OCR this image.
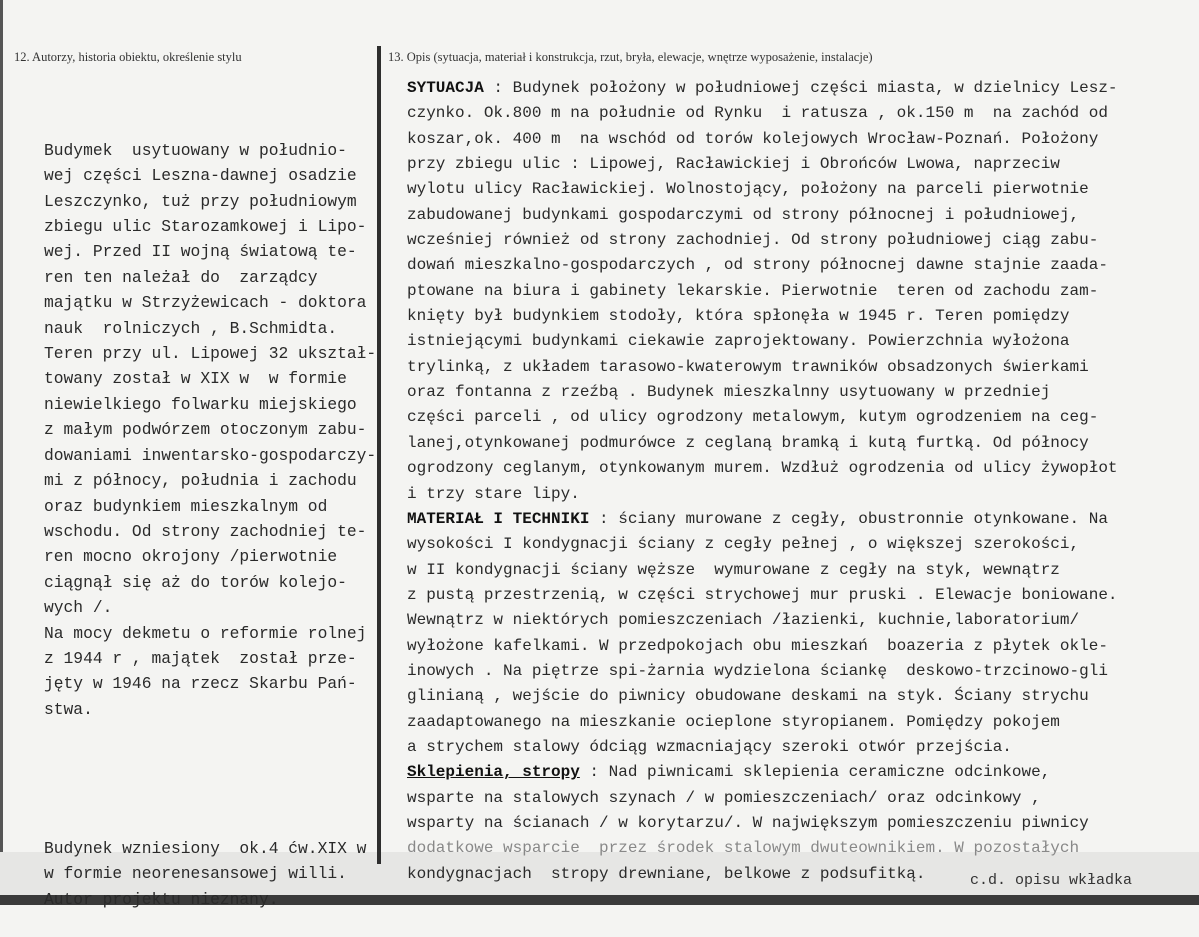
12. Autorzy, historia obiektu, określenie stylu	13. Opis (sytuacja, materiał i konstrukcja, rzut, bryła, elewacje, wnętrze wyposażenie, instalacje)

Budymek  usytuowany w południo-
wej części Leszna-dawnej osadzie
Leszczynko, tuż przy południowym
zbiegu ulic Starozamkowej i Lipo-
wej. Przed II wojną światową te-
ren ten należał do  zarządcy
majątku w Strzyżewicach - doktora
nauk  rolniczych , B.Schmidta.
Teren przy ul. Lipowej 32 ukształ-
towany został w XIX w  w formie
niewielkiego folwarku miejskiego
z małym podwórzem otoczonym zabu-
dowaniami inwentarsko-gospodarczy-
mi z północy, południa i zachodu
oraz budynkiem mieszkalnym od
wschodu. Od strony zachodniej te-
ren mocno okrojony /pierwotnie
ciągnął się aż do torów kolejo-
wych /.
Na mocy dekmetu o reformie rolnej
z 1944 r , majątek  został prze-
jęty w 1946 na rzecz Skarbu Pań-
stwa.

Budynek wzniesiony  ok.4 ćw.XIX w
w formie neorenesansowej willi.
Autor projektu nieznany.

SYTUACJA : Budynek położony w południowej części miasta, w dzielnicy Lesz-
czynko. Ok.800 m na południe od Rynku  i ratusza , ok.150 m  na zachód od
koszar,ok. 400 m  na wschód od torów kolejowych Wrocław-Poznań. Położony
przy zbiegu ulic : Lipowej, Racławickiej i Obrońców Lwowa, naprzeciw
wylotu ulicy Racławickiej. Wolnostojący, położony na parceli pierwotnie
zabudowanej budynkami gospodarczymi od strony północnej i południowej,
wcześniej również od strony zachodniej. Od strony południowej ciąg zabu-
dowań mieszkalno-gospodarczych , od strony północnej dawne stajnie zaada-
ptowane na biura i gabinety lekarskie. Pierwotnie  teren od zachodu zam-
knięty był budynkiem stodoły, która spłonęła w 1945 r. Teren pomiędzy
istniejącymi budynkami ciekawie zaprojektowany. Powierzchnia wyłożona
trylinką, z układem tarasowo-kwaterowym trawników obsadzonych świerkami
oraz fontanna z rzeźbą . Budynek mieszkalnny usytuowany w przedniej
części parceli , od ulicy ogrodzony metalowym, kutym ogrodzeniem na ceg-
lanej,otynkowanej podmurówce z ceglaną bramką i kutą furtką. Od północy
ogrodzony ceglanym, otynkowanym murem. Wzdłuż ogrodzenia od ulicy żywopłot
i trzy stare lipy.
MATERIAŁ I TECHNIKI : ściany murowane z cegły, obustronnie otynkowane. Na
wysokości I kondygnacji ściany z cegły pełnej , o większej szerokości,
w II kondygnacji ściany węższe  wymurowane z cegły na styk, wewnątrz
z pustą przestrzenią, w części strychowej mur pruski . Elewacje boniowane.
Wewnątrz w niektórych pomieszczeniach /łazienki, kuchnie,laboratorium/
wyłożone kafelkami. W przedpokojach obu mieszkań  boazeria z płytek okle-
inowych . Na piętrze spi-żarnia wydzielona ściankę  deskowo-trzcinowo-gli
glinianą , wejście do piwnicy obudowane deskami na styk. Ściany strychu
zaadaptowanego na mieszkanie ocieplone styropianem. Pomiędzy pokojem
a strychem stalowy ódciąg wzmacniający szeroki otwór przejścia.
Sklepienia, stropy : Nad piwnicami sklepienia ceramiczne odcinkowe,
wsparte na stalowych szynach / w pomieszczeniach/ oraz odcinkowy ,
wsparty na ścianach / w korytarzu/. W największym pomieszczeniu piwnicy
dodatkowe wsparcie  przez środek stalowym dwuteownikiem. W pozostałych
kondygnacjach  stropy drewniane, belkowe z podsufitką.	c.d. opisu wkładka
